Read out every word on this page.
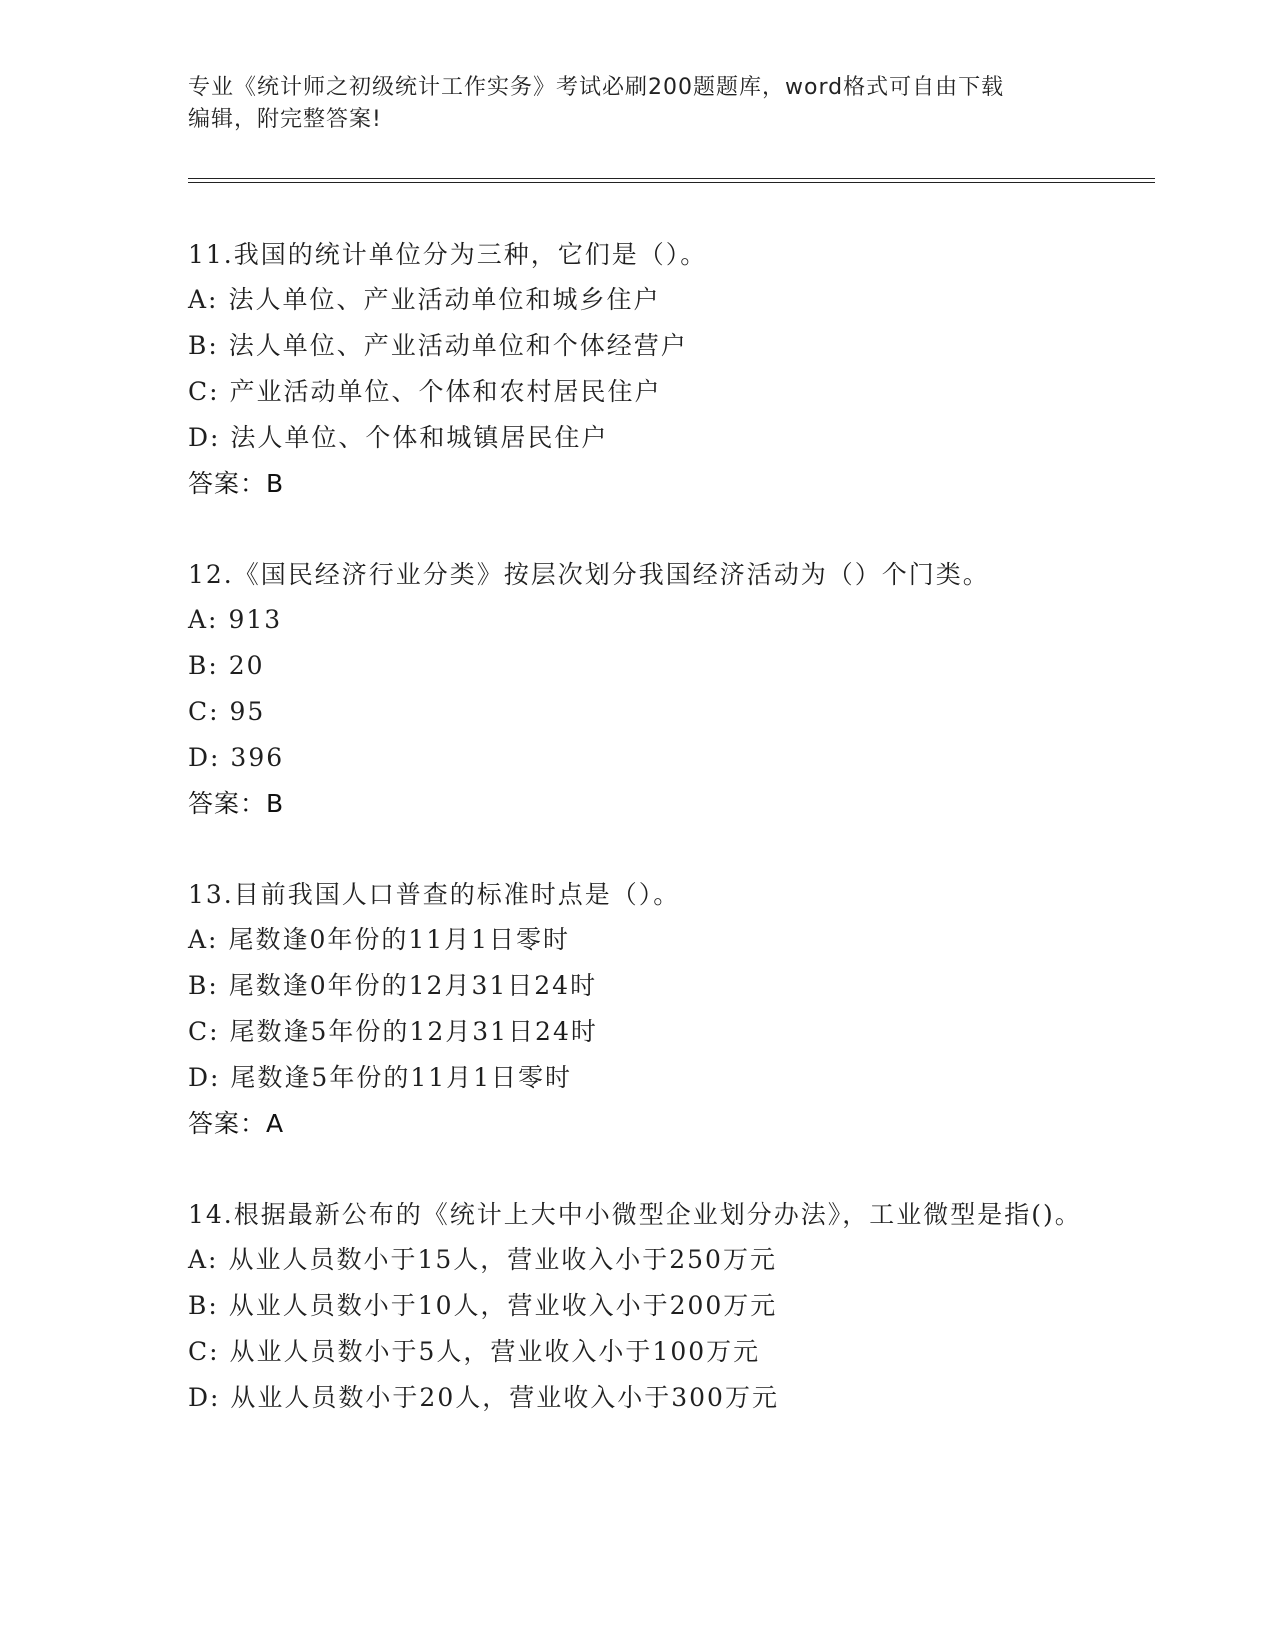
专业《统计师之初级统计工作实务》考试必刷200题题库，word格式可自由下载

编辑，附完整答案!

11.我国的统计单位分为三种，它们是（）。

A: 法人单位、产业活动单位和城乡住户

B: 法人单位、产业活动单位和个体经营户

C: 产业活动单位、个体和农村居民住户

D: 法人单位、个体和城镇居民住户

答案：B

12.《国民经济行业分类》按层次划分我国经济活动为（）个门类。

A: 913

B: 20

C: 95

D: 396

答案：B

13.目前我国人口普查的标准时点是（）。

A: 尾数逢0年份的11月1日零时

B: 尾数逢0年份的12月31日24时

C: 尾数逢5年份的12月31日24时

D: 尾数逢5年份的11月1日零时

答案：A

14.根据最新公布的《统计上大中小微型企业划分办法》，工业微型是指()。

A: 从业人员数小于15人，营业收入小于250万元

B: 从业人员数小于10人，营业收入小于200万元

C: 从业人员数小于5人，营业收入小于100万元

D: 从业人员数小于20人，营业收入小于300万元
